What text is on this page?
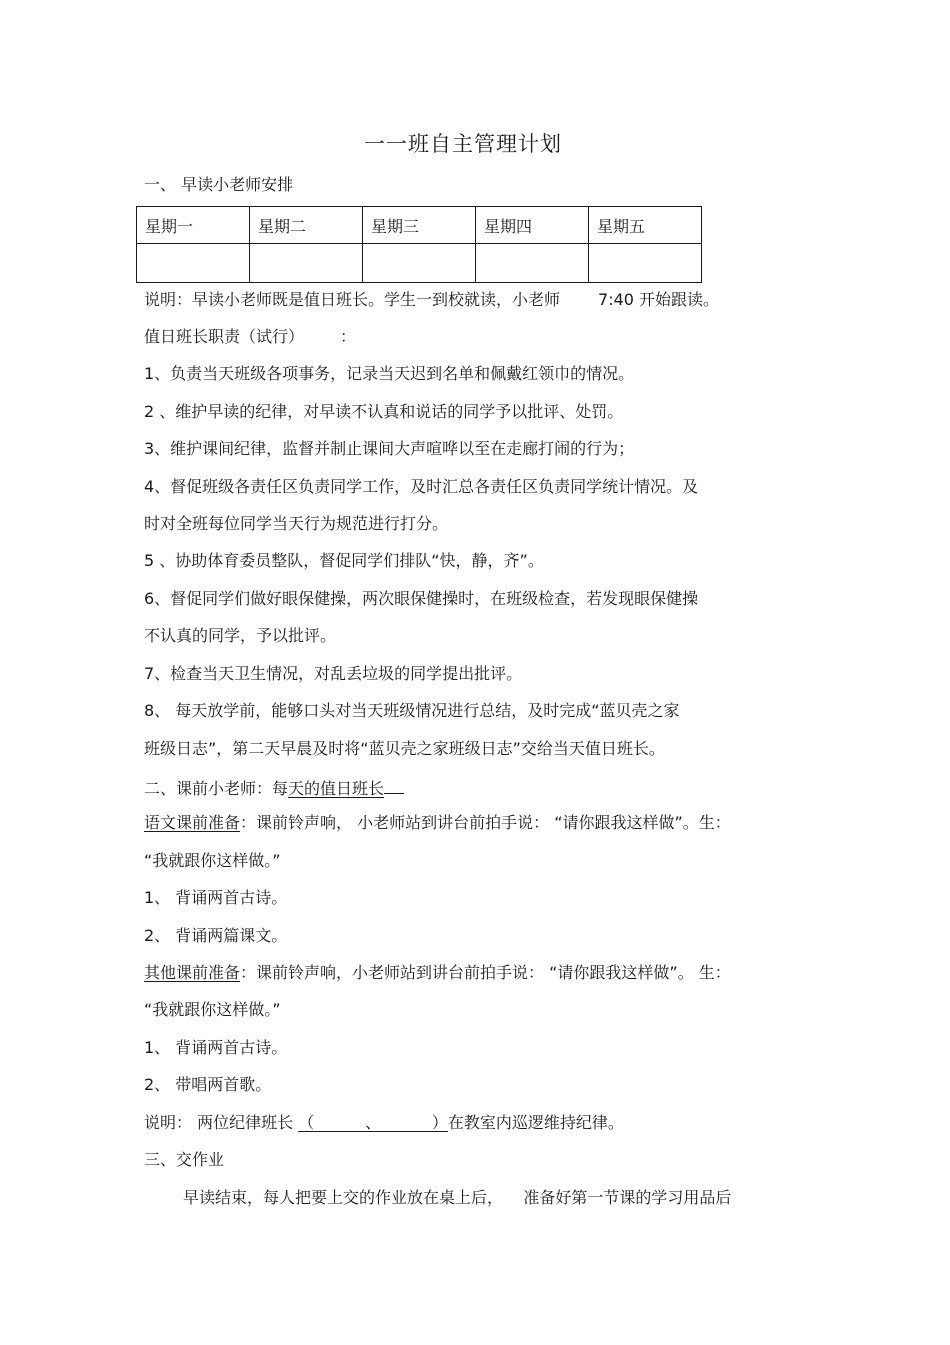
一一班自主管理计划
一、 早读小老师安排
星期一	星期二	星期三	星期四	星期五

说明：早读小老师既是值日班长。学生一到校就读，小老师 7:40 开始跟读。
值日班长职责（试行） ：
1、负责当天班级各项事务，记录当天迟到名单和佩戴红领巾的情况。
2 、维护早读的纪律，对早读不认真和说话的同学予以批评、处罚。
3、维护课间纪律，监督并制止课间大声喧哗以至在走廊打闹的行为；
4、督促班级各责任区负责同学工作，及时汇总各责任区负责同学统计情况。及
时对全班每位同学当天行为规范进行打分。
5 、协助体育委员整队，督促同学们排队“快，静，齐”。
6、督促同学们做好眼保健操，两次眼保健操时，在班级检查，若发现眼保健操
不认真的同学，予以批评。
7、检查当天卫生情况，对乱丢垃圾的同学提出批评。
8、 每天放学前，能够口头对当天班级情况进行总结，及时完成“蓝贝壳之家
班级日志”，第二天早晨及时将“蓝贝壳之家班级日志”交给当天值日班长。
二、课前小老师：每天的值日班长
语文课前准备：课前铃声响， 小老师站到讲台前拍手说： “请你跟我这样做”。生：
“我就跟你这样做。”
1、 背诵两首古诗。
2、 背诵两篇课文。
其他课前准备：课前铃声响，小老师站到讲台前拍手说： “请你跟我这样做”。 生：
“我就跟你这样做。”
1、 背诵两首古诗。
2、 带唱两首歌。
说明： 两位纪律班长 （          、          ）在教室内巡逻维持纪律。
三、交作业
早读结束，每人把要上交的作业放在桌上后，    准备好第一节课的学习用品后
